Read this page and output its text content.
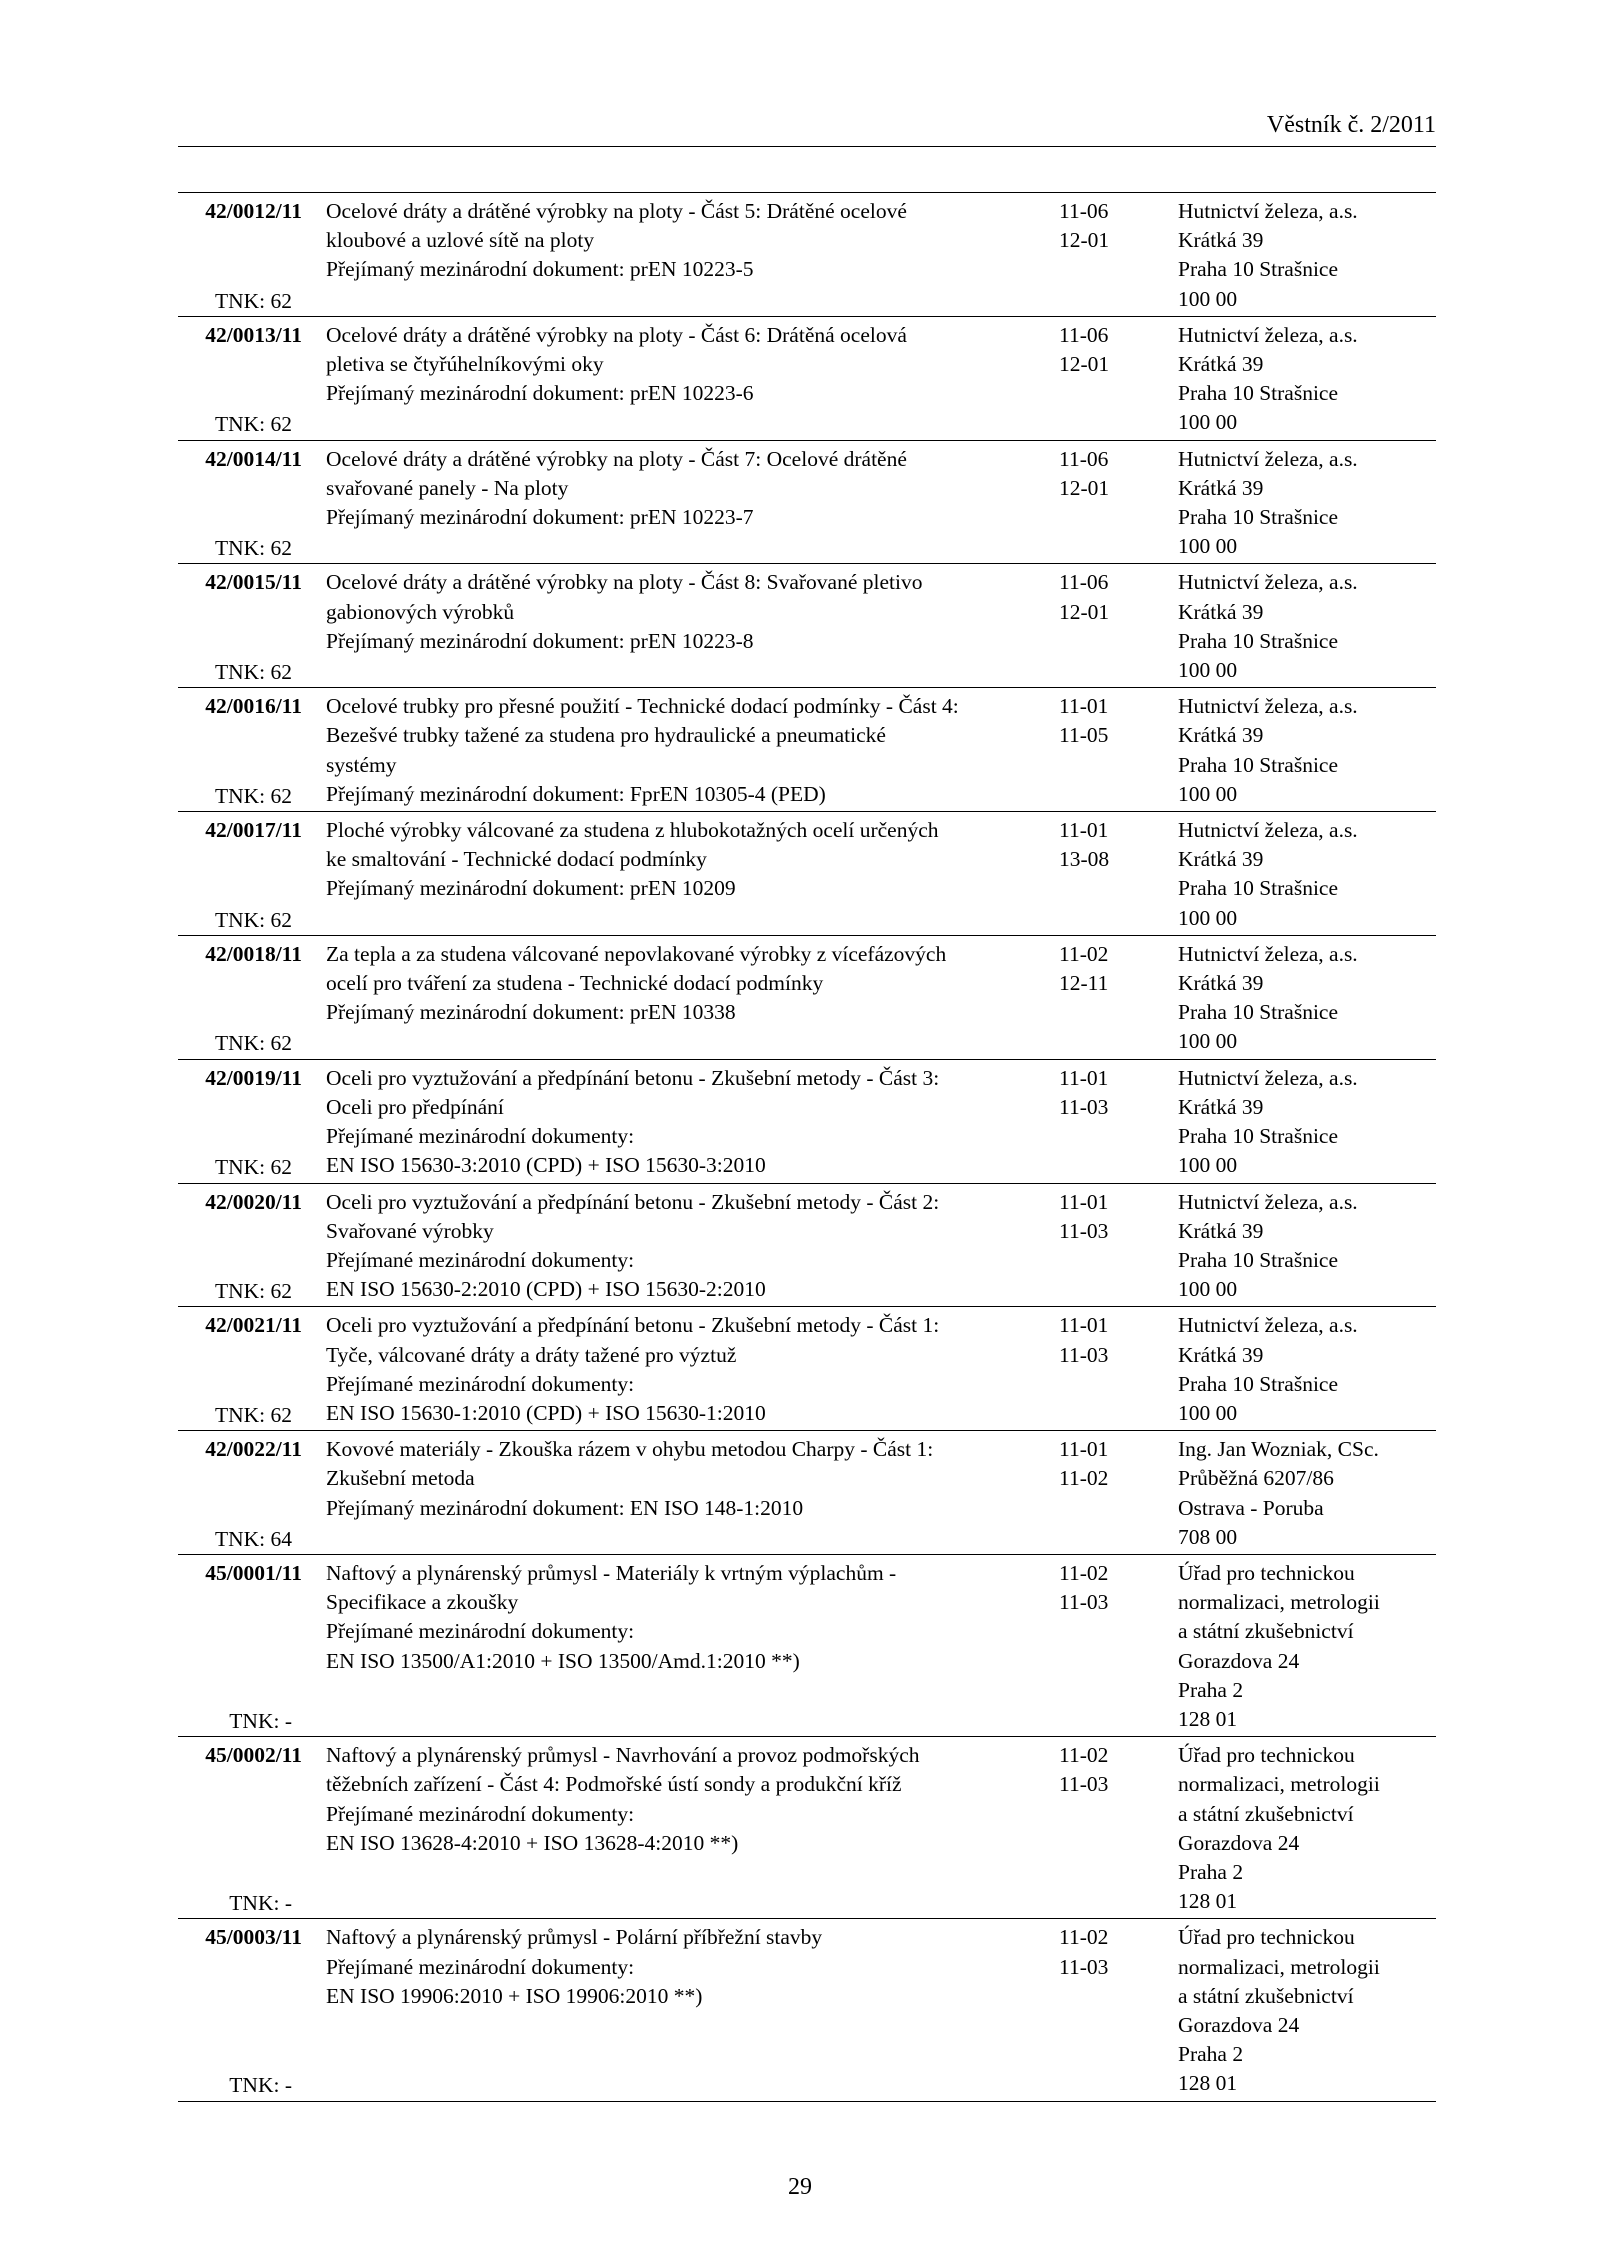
Věstník č. 2/2011
42/0012/11
TNK: 62
Ocelové dráty a drátěné výrobky na ploty - Část 5: Drátěné ocelové
kloubové a uzlové sítě na ploty
Přejímaný mezinárodní dokument: prEN 10223-5

11-06
12-01
Hutnictví železa, a.s.
Krátká 39
Praha 10 Strašnice
100 00
42/0013/11
TNK: 62
Ocelové dráty a drátěné výrobky na ploty - Část 6: Drátěná ocelová
pletiva se čtyřúhelníkovými oky
Přejímaný mezinárodní dokument: prEN 10223-6

11-06
12-01
Hutnictví železa, a.s.
Krátká 39
Praha 10 Strašnice
100 00
42/0014/11
TNK: 62
Ocelové dráty a drátěné výrobky na ploty - Část 7: Ocelové drátěné
svařované panely - Na ploty
Přejímaný mezinárodní dokument: prEN 10223-7

11-06
12-01
Hutnictví železa, a.s.
Krátká 39
Praha 10 Strašnice
100 00
42/0015/11
TNK: 62
Ocelové dráty a drátěné výrobky na ploty - Část 8: Svařované pletivo
gabionových výrobků
Přejímaný mezinárodní dokument: prEN 10223-8

11-06
12-01
Hutnictví železa, a.s.
Krátká 39
Praha 10 Strašnice
100 00
42/0016/11
TNK: 62
Ocelové trubky pro přesné použití - Technické dodací podmínky - Část 4:
Bezešvé trubky tažené za studena pro hydraulické a pneumatické
systémy
Přejímaný mezinárodní dokument: FprEN 10305-4 (PED)
11-01
11-05
Hutnictví železa, a.s.
Krátká 39
Praha 10 Strašnice
100 00
42/0017/11
TNK: 62
Ploché výrobky válcované za studena z hlubokotažných ocelí určených
ke smaltování - Technické dodací podmínky
Přejímaný mezinárodní dokument: prEN 10209

11-01
13-08
Hutnictví železa, a.s.
Krátká 39
Praha 10 Strašnice
100 00
42/0018/11
TNK: 62
Za tepla a za studena válcované nepovlakované výrobky z vícefázových
ocelí pro tváření za studena - Technické dodací podmínky
Přejímaný mezinárodní dokument: prEN 10338

11-02
12-11
Hutnictví železa, a.s.
Krátká 39
Praha 10 Strašnice
100 00
42/0019/11
TNK: 62
Oceli pro vyztužování a předpínání betonu - Zkušební metody - Část 3:
Oceli pro předpínání
Přejímané mezinárodní dokumenty:
EN ISO 15630-3:2010 (CPD) + ISO 15630-3:2010
11-01
11-03
Hutnictví železa, a.s.
Krátká 39
Praha 10 Strašnice
100 00
42/0020/11
TNK: 62
Oceli pro vyztužování a předpínání betonu - Zkušební metody - Část 2:
Svařované výrobky
Přejímané mezinárodní dokumenty:
EN ISO 15630-2:2010 (CPD) + ISO 15630-2:2010
11-01
11-03
Hutnictví železa, a.s.
Krátká 39
Praha 10 Strašnice
100 00
42/0021/11
TNK: 62
Oceli pro vyztužování a předpínání betonu - Zkušební metody - Část 1:
Tyče, válcované dráty a dráty tažené pro výztuž
Přejímané mezinárodní dokumenty:
EN ISO 15630-1:2010 (CPD) + ISO 15630-1:2010
11-01
11-03
Hutnictví železa, a.s.
Krátká 39
Praha 10 Strašnice
100 00
42/0022/11
TNK: 64
Kovové materiály - Zkouška rázem v ohybu metodou Charpy - Část 1:
Zkušební metoda
Přejímaný mezinárodní dokument: EN ISO 148-1:2010

11-01
11-02
Ing. Jan Wozniak, CSc.
Průběžná 6207/86
Ostrava - Poruba
708 00
45/0001/11
TNK: -
Naftový a plynárenský průmysl - Materiály k vrtným výplachům -
Specifikace a zkoušky
Přejímané mezinárodní dokumenty:
EN ISO 13500/A1:2010 + ISO 13500/Amd.1:2010 **)

11-02
11-03
Úřad pro technickou
normalizaci, metrologii
a státní zkušebnictví
Gorazdova 24
Praha 2
128 01
45/0002/11
TNK: -
Naftový a plynárenský průmysl - Navrhování a provoz podmořských
těžebních zařízení - Část 4: Podmořské ústí sondy a produkční kříž
Přejímané mezinárodní dokumenty:
EN ISO 13628-4:2010 + ISO 13628-4:2010 **)

11-02
11-03
Úřad pro technickou
normalizaci, metrologii
a státní zkušebnictví
Gorazdova 24
Praha 2
128 01
45/0003/11
TNK: -
Naftový a plynárenský průmysl - Polární příbřežní stavby
Přejímané mezinárodní dokumenty:
EN ISO 19906:2010 + ISO 19906:2010 **)

11-02
11-03
Úřad pro technickou
normalizaci, metrologii
a státní zkušebnictví
Gorazdova 24
Praha 2
128 01
29
